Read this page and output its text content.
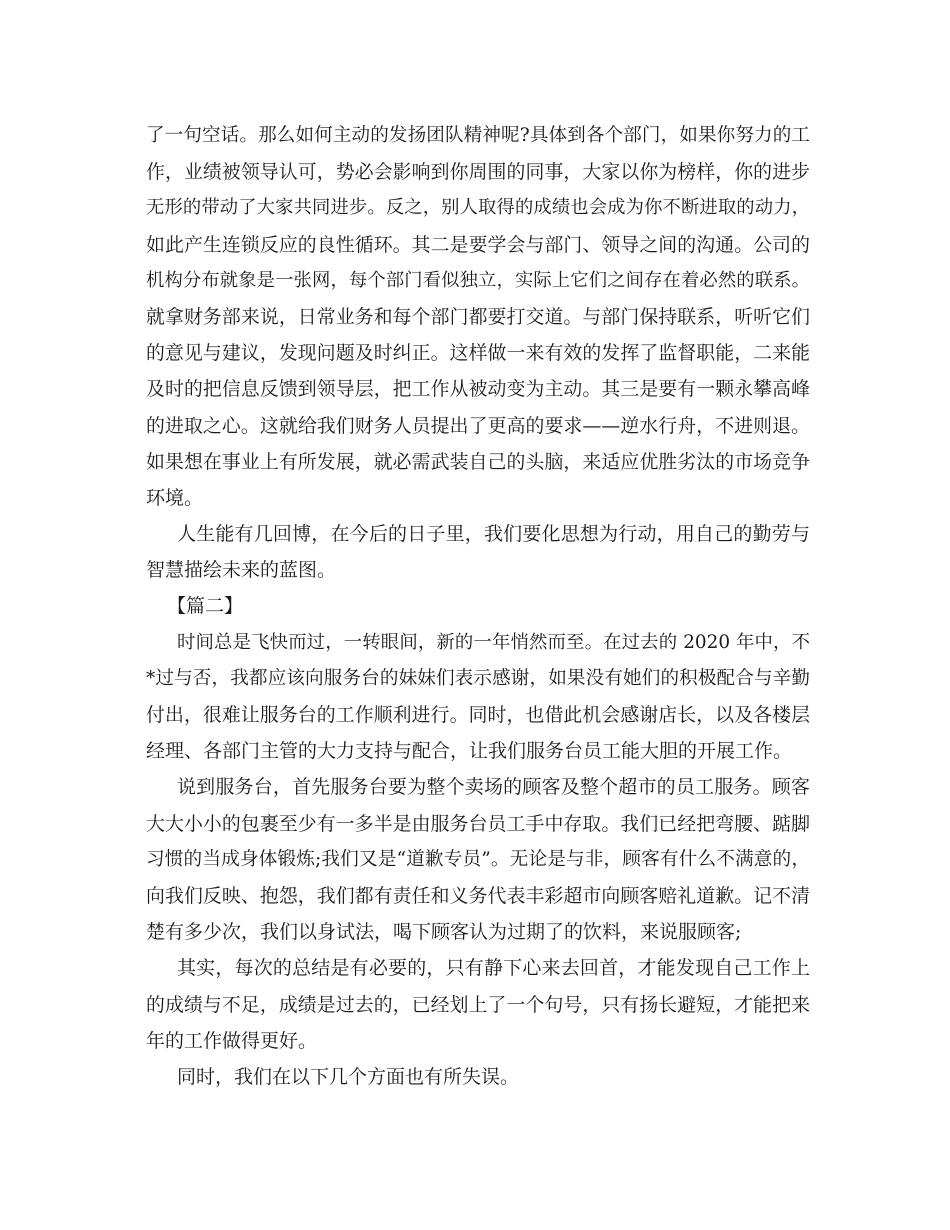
了一句空话。那么如何主动的发扬团队精神呢?具体到各个部门，如果你努力的工
作，业绩被领导认可，势必会影响到你周围的同事，大家以你为榜样，你的进步
无形的带动了大家共同进步。反之，别人取得的成绩也会成为你不断进取的动力，
如此产生连锁反应的良性循环。其二是要学会与部门、领导之间的沟通。公司的
机构分布就象是一张网，每个部门看似独立，实际上它们之间存在着必然的联系。
就拿财务部来说，日常业务和每个部门都要打交道。与部门保持联系，听听它们
的意见与建议，发现问题及时纠正。这样做一来有效的发挥了监督职能，二来能
及时的把信息反馈到领导层，把工作从被动变为主动。其三是要有一颗永攀高峰
的进取之心。这就给我们财务人员提出了更高的要求——逆水行舟，不进则退。
如果想在事业上有所发展，就必需武装自己的头脑，来适应优胜劣汰的市场竞争
环境。
人生能有几回博，在今后的日子里，我们要化思想为行动，用自己的勤劳与
智慧描绘未来的蓝图。
【篇二】
时间总是飞快而过，一转眼间，新的一年悄然而至。在过去的 2020 年中，不
*过与否，我都应该向服务台的妹妹们表示感谢，如果没有她们的积极配合与辛勤
付出，很难让服务台的工作顺利进行。同时，也借此机会感谢店长，以及各楼层
经理、各部门主管的大力支持与配合，让我们服务台员工能大胆的开展工作。
说到服务台，首先服务台要为整个卖场的顾客及整个超市的员工服务。顾客
大大小小的包裹至少有一多半是由服务台员工手中存取。我们已经把弯腰、踮脚
习惯的当成身体锻炼;我们又是“道歉专员”。无论是与非，顾客有什么不满意的，
向我们反映、抱怨，我们都有责任和义务代表丰彩超市向顾客赔礼道歉。记不清
楚有多少次，我们以身试法，喝下顾客认为过期了的饮料，来说服顾客;
其实，每次的总结是有必要的，只有静下心来去回首，才能发现自己工作上
的成绩与不足，成绩是过去的，已经划上了一个句号，只有扬长避短，才能把来
年的工作做得更好。
同时，我们在以下几个方面也有所失误。
